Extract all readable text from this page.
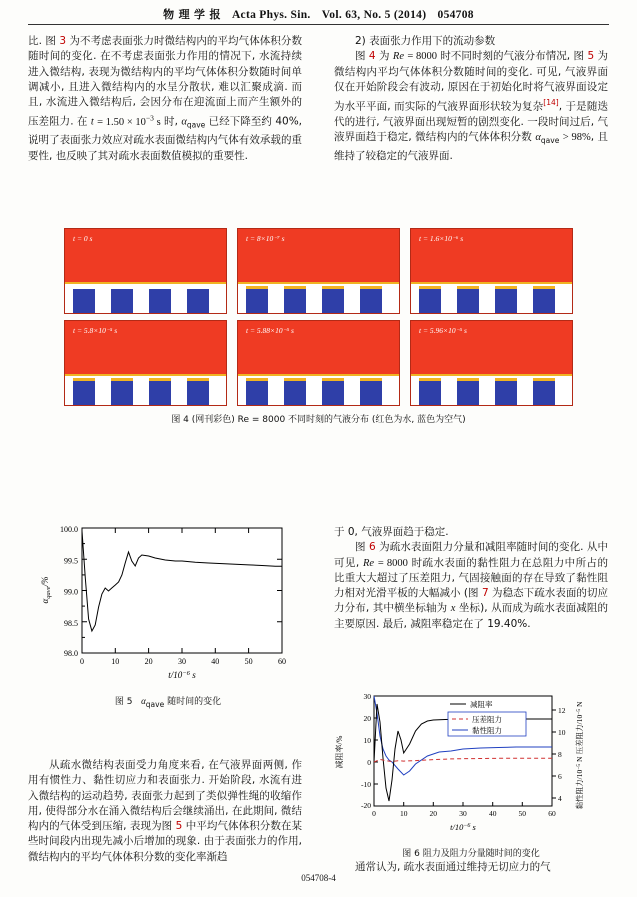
物 理 学 报 Acta Phys. Sin. Vol. 63, No. 5 (2014) 054708

比. 图 3 为不考虑表面张力时微结构内的平均气体体积分数随时间的变化. 在不考虑表面张力作用的情况下, 水流持续进入微结构, 表现为微结构内的平均气体体积分数随时间单调减小, 且进入微结构内的水呈分散状, 难以汇聚成滴. 而且, 水流进入微结构后, 会因分布在迎流面上而产生额外的压差阻力. 在 $t = 1.50 \times 10^{-3}$ s 时, $\alpha_{qave}$ 已经下降至约 40%, 说明了表面张力效应对疏水表面微结构内气体有效承载的重要性, 也反映了其对疏水表面数值模拟的重要性.

2) 表面张力作用下的流动参数

图 4 为 Re = 8000 时不同时刻的气液分布情况, 图 5 为微结构内平均气体体积分数随时间的变化. 可见, 气液界面仅在开始阶段会有波动, 原因在于初始化时将气液界面设定为水平平面, 而实际的气液界面形状较为复杂[14], 于是随迭代的进行, 气液界面出现短暂的剧烈变化. 一段时间过后, 气液界面趋于稳定, 微结构内的气体体积分数 $\alpha_{qave} > 98\%$, 且维持了较稳定的气液界面.

t = 0 s	t = 8×10⁻⁷ s	t = 1.6×10⁻⁶ s
t = 5.8×10⁻⁵ s	t = 5.88×10⁻⁵ s	t = 5.96×10⁻⁵ s
图 4 (网刊彩色) Re = 8000 不同时刻的气液分布 (红色为水, 蓝色为空气)
100.0
99.5
99.0
98.5
98.0
0	10	20	30	40	50	60
$t/10^{-6}$ s
$\alpha_{qave}/\%$
图 5   $\alpha_{qave}$ 随时间的变化

于 0, 气液界面趋于稳定.

图 6 为疏水表面阻力分量和减阻率随时间的变化. 从中可见, Re = 8000 时疏水表面的黏性阻力在总阻力中所占的比重大大超过了压差阻力, 气固接触面的存在导致了黏性阻力相对光滑平板的大幅减小 (图 7 为稳态下疏水表面的切应力分布, 其中横坐标轴为 x 坐标), 从而成为疏水表面减阻的主要原因. 最后, 减阻率稳定在了 19.40%.

从疏水微结构表面受力角度来看, 在气液界面两侧, 作用有惯性力、黏性切应力和表面张力. 开始阶段, 水流有进入微结构的运动趋势, 表面张力起到了类似弹性绳的收缩作用, 使得部分水在涌入微结构后会继续涌出, 在此期间, 微结构内的气体受到压缩, 表现为图 5 中平均气体体积分数在某些时间段内出现先减小后增加的现象. 由于表面张力的作用, 微结构内的平均气体体积分数的变化率渐趋

30
20
10
0
-10
-20
12
10
8
6
4
0	10	20	30	40	50	60
$t/10^{-6}$ s
减阻率/%	压差阻力$/10^{-5}$ N
黏性阻力$/10^{-5}$ N
减阻率
压差阻力
黏性阻力
图 6 阻力及阻力分量随时间的变化

通常认为, 疏水表面通过维持无切应力的气

054708-4
